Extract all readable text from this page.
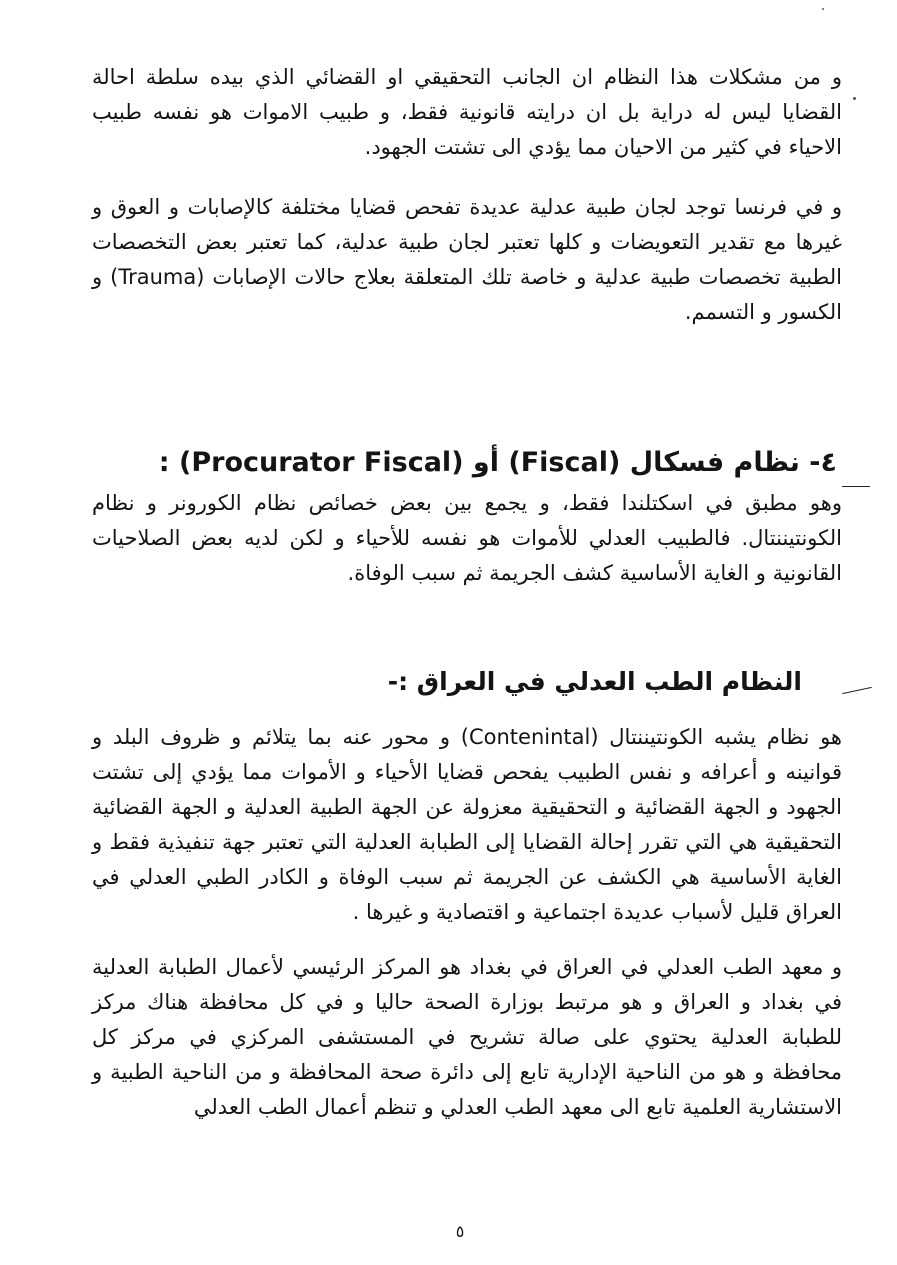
و من مشكلات هذا النظام ان الجانب التحقيقي او القضائي الذي بيده سلطة احالة القضايا ليس له دراية بل ان درايته قانونية فقط، و طبيب الاموات هو نفسه طبيب الاحياء في كثير من الاحيان مما يؤدي الى تشتت الجهود.

و في فرنسا توجد لجان طبية عدلية عديدة تفحص قضايا مختلفة كالإصابات و العوق و غيرها مع تقدير التعويضات و كلها تعتبر لجان طبية عدلية، كما تعتبر بعض التخصصات الطبية تخصصات طبية عدلية و خاصة تلك المتعلقة بعلاج حالات الإصابات (Trauma) و الكسور و التسمم.

٤- نظام فسكال (Fiscal) أو (Procurator Fiscal) :

وهو مطبق في اسكتلندا فقط، و يجمع بين بعض خصائص نظام الكورونر و نظام الكونتيننتال. فالطبيب العدلي للأموات هو نفسه للأحياء و لكن لديه بعض الصلاحيات القانونية و الغاية الأساسية كشف الجريمة ثم سبب الوفاة.

النظام الطب العدلي في العراق :-

هو نظام يشبه الكونتيننتال (Contenintal) و محور عنه بما يتلائم و ظروف البلد و قوانينه و أعرافه و نفس الطبيب يفحص قضايا الأحياء و الأموات مما يؤدي إلى تشتت الجهود و الجهة القضائية و التحقيقية معزولة عن الجهة الطبية العدلية و الجهة القضائية التحقيقية هي التي تقرر إحالة القضايا إلى الطبابة العدلية التي تعتبر جهة تنفيذية فقط و الغاية الأساسية هي الكشف عن الجريمة ثم سبب الوفاة و الكادر الطبي العدلي في العراق قليل لأسباب عديدة اجتماعية و اقتصادية و غيرها .

و معهد الطب العدلي في العراق في بغداد هو المركز الرئيسي لأعمال الطبابة العدلية في بغداد و العراق و هو مرتبط بوزارة الصحة حاليا و في كل محافظة هناك مركز للطبابة العدلية يحتوي على صالة تشريح في المستشفى المركزي في مركز كل محافظة و هو من الناحية الإدارية تابع إلى دائرة صحة المحافظة و من الناحية الطبية و الاستشارية العلمية تابع الى معهد الطب العدلي و تنظم أعمال الطب العدلي

٥
